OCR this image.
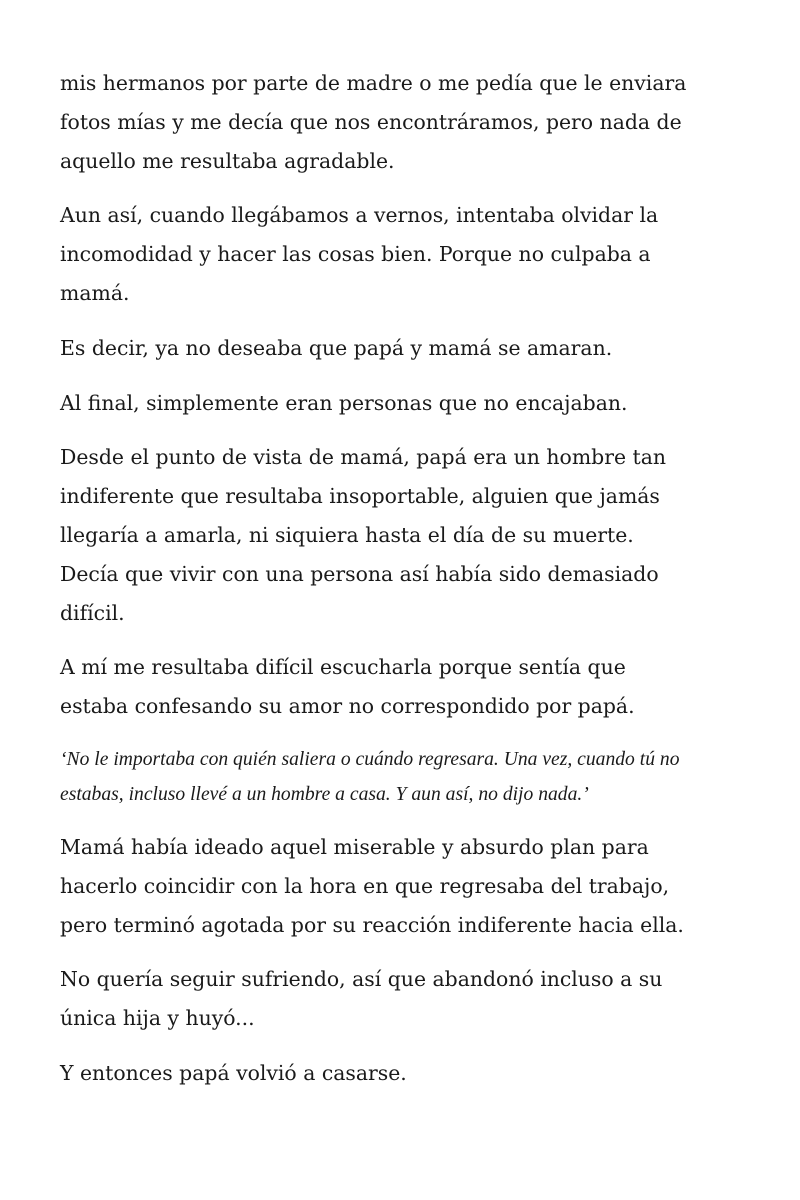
mis hermanos por parte de madre o me pedía que le enviara
fotos mías y me decía que nos encontráramos, pero nada de
aquello me resultaba agradable.
Aun así, cuando llegábamos a vernos, intentaba olvidar la
incomodidad y hacer las cosas bien. Porque no culpaba a
mamá.
Es decir, ya no deseaba que papá y mamá se amaran.
Al final, simplemente eran personas que no encajaban.
Desde el punto de vista de mamá, papá era un hombre tan
indiferente que resultaba insoportable, alguien que jamás
llegaría a amarla, ni siquiera hasta el día de su muerte.
Decía que vivir con una persona así había sido demasiado
difícil.
A mí me resultaba difícil escucharla porque sentía que
estaba confesando su amor no correspondido por papá.
‘No le importaba con quién saliera o cuándo regresara. Una vez, cuando tú no
estabas, incluso llevé a un hombre a casa. Y aun así, no dijo nada.’
Mamá había ideado aquel miserable y absurdo plan para
hacerlo coincidir con la hora en que regresaba del trabajo,
pero terminó agotada por su reacción indiferente hacia ella.
No quería seguir sufriendo, así que abandonó incluso a su
única hija y huyó...
Y entonces papá volvió a casarse.
